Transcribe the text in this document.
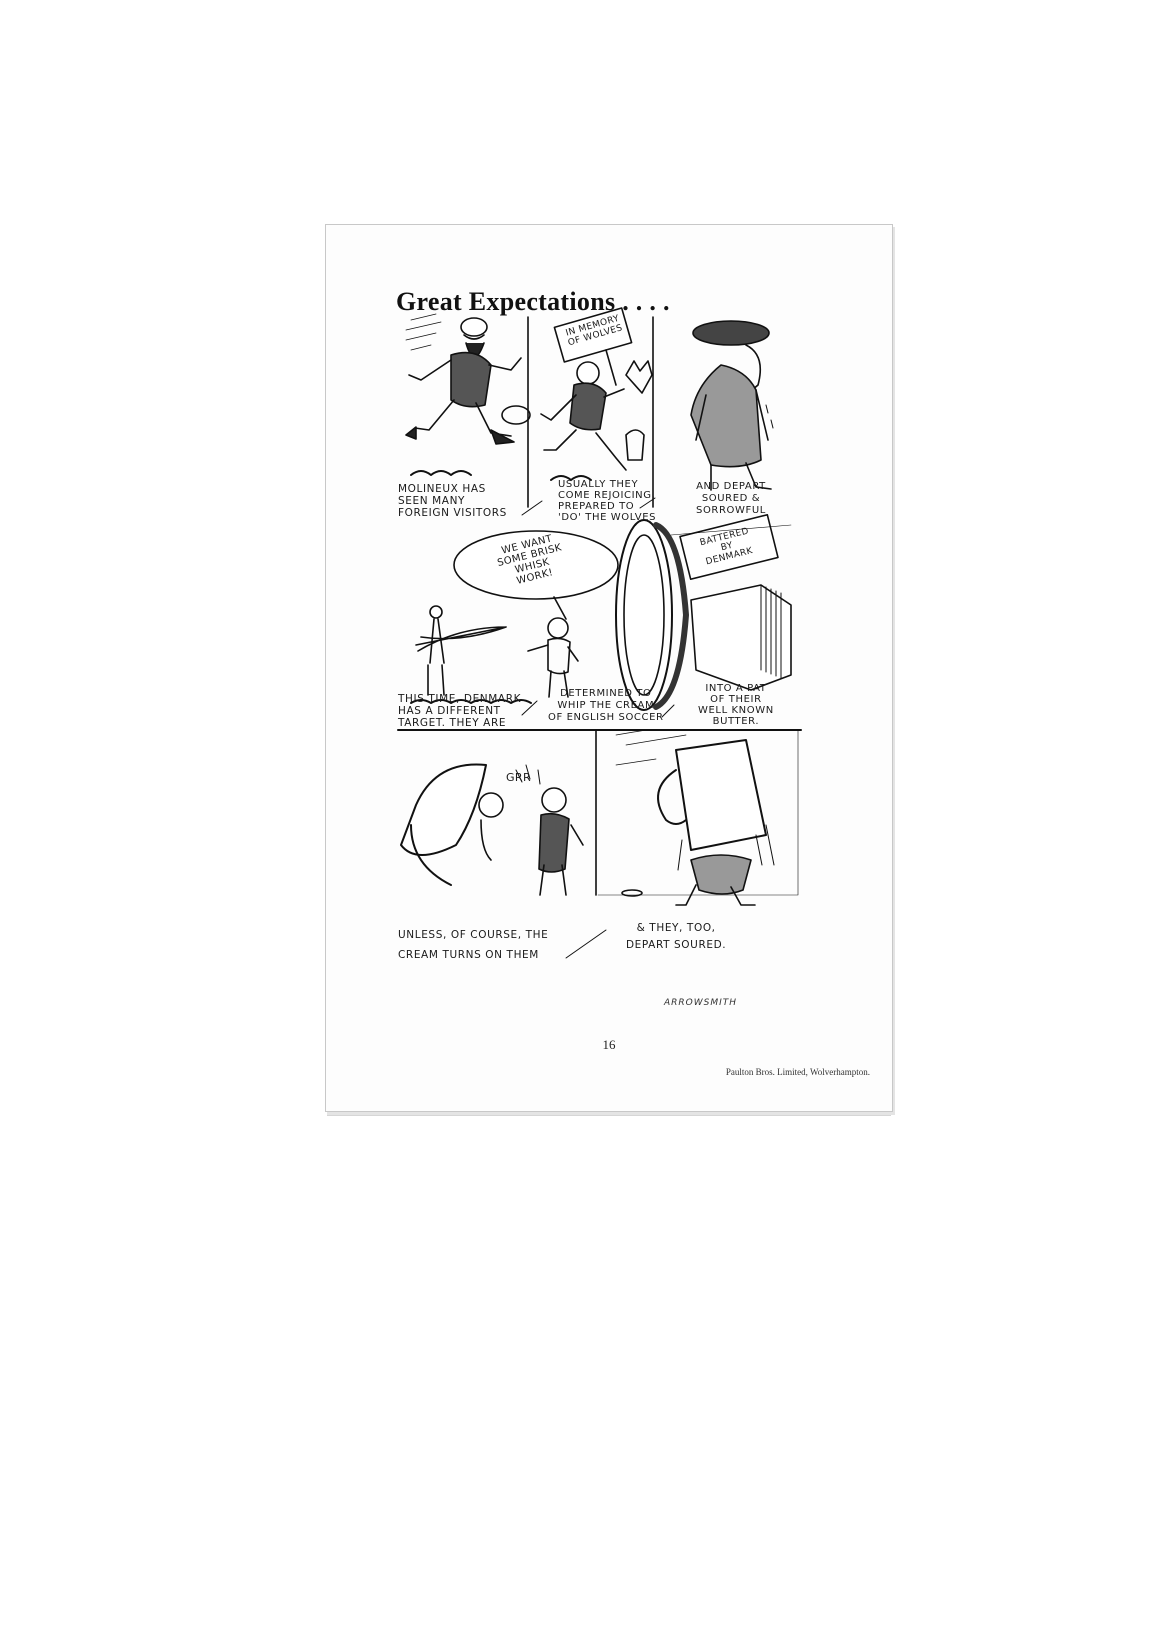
Great Expectations . . . .
IN MEMORY
OF WOLVES
WE WANT
SOME BRISK
WHISK
WORK!
BATTERED
BY
DENMARK
GRR
MOLINEUX HAS
SEEN MANY
FOREIGN VISITORS
USUALLY THEY
COME REJOICING,
PREPARED TO
'DO' THE WOLVES
AND DEPART
SOURED &
SORROWFUL
THIS TIME, DENMARK
HAS A DIFFERENT
TARGET. THEY ARE
DETERMINED TO
WHIP THE CREAM
OF ENGLISH SOCCER
INTO A PAT
OF THEIR
WELL KNOWN
BUTTER.
UNLESS, OF COURSE, THE
CREAM TURNS ON THEM
& THEY, TOO,
DEPART SOURED.
ARROWSMITH
16
Paulton Bros. Limited, Wolverhampton.
